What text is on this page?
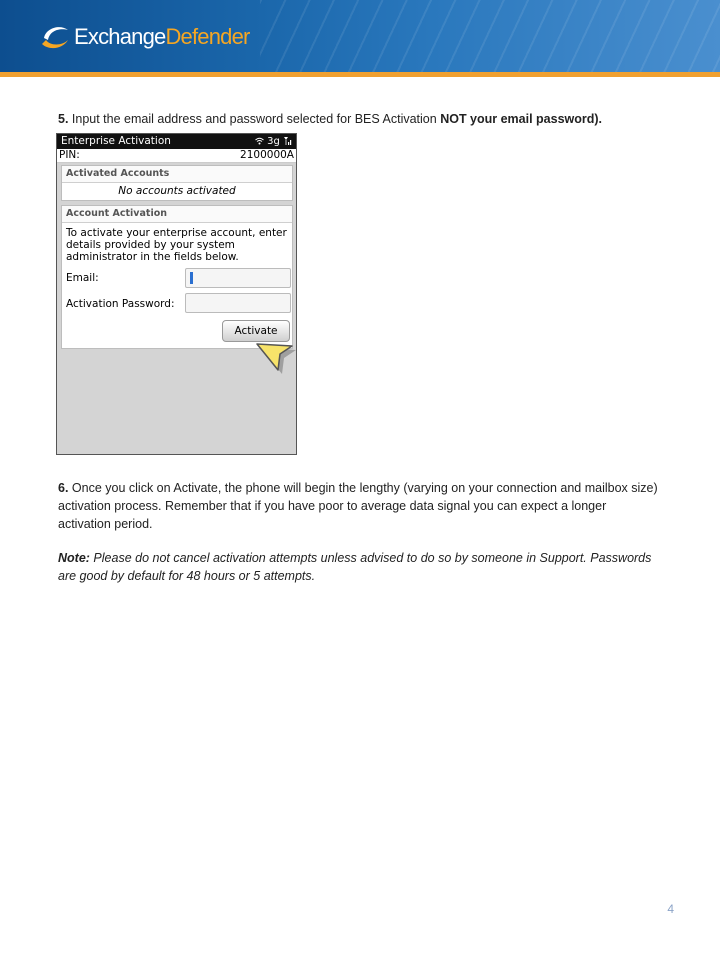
ExchangeDefender
5. Input the email address and password selected for BES Activation NOT your email password).
Enterprise Activation	3g
PIN:	2100000A
Activated Accounts
No accounts activated
Account Activation
To activate your enterprise account, enter details provided by your system administrator in the fields below.
Email:
Activation Password:
Activate
6. Once you click on Activate, the phone will begin the lengthy (varying on your connection and mailbox size) activation process. Remember that if you have poor to average data signal you can expect a longer activation period.
Note: Please do not cancel activation attempts unless advised to do so by someone in Support. Passwords are good by default for 48 hours or 5 attempts.
4
